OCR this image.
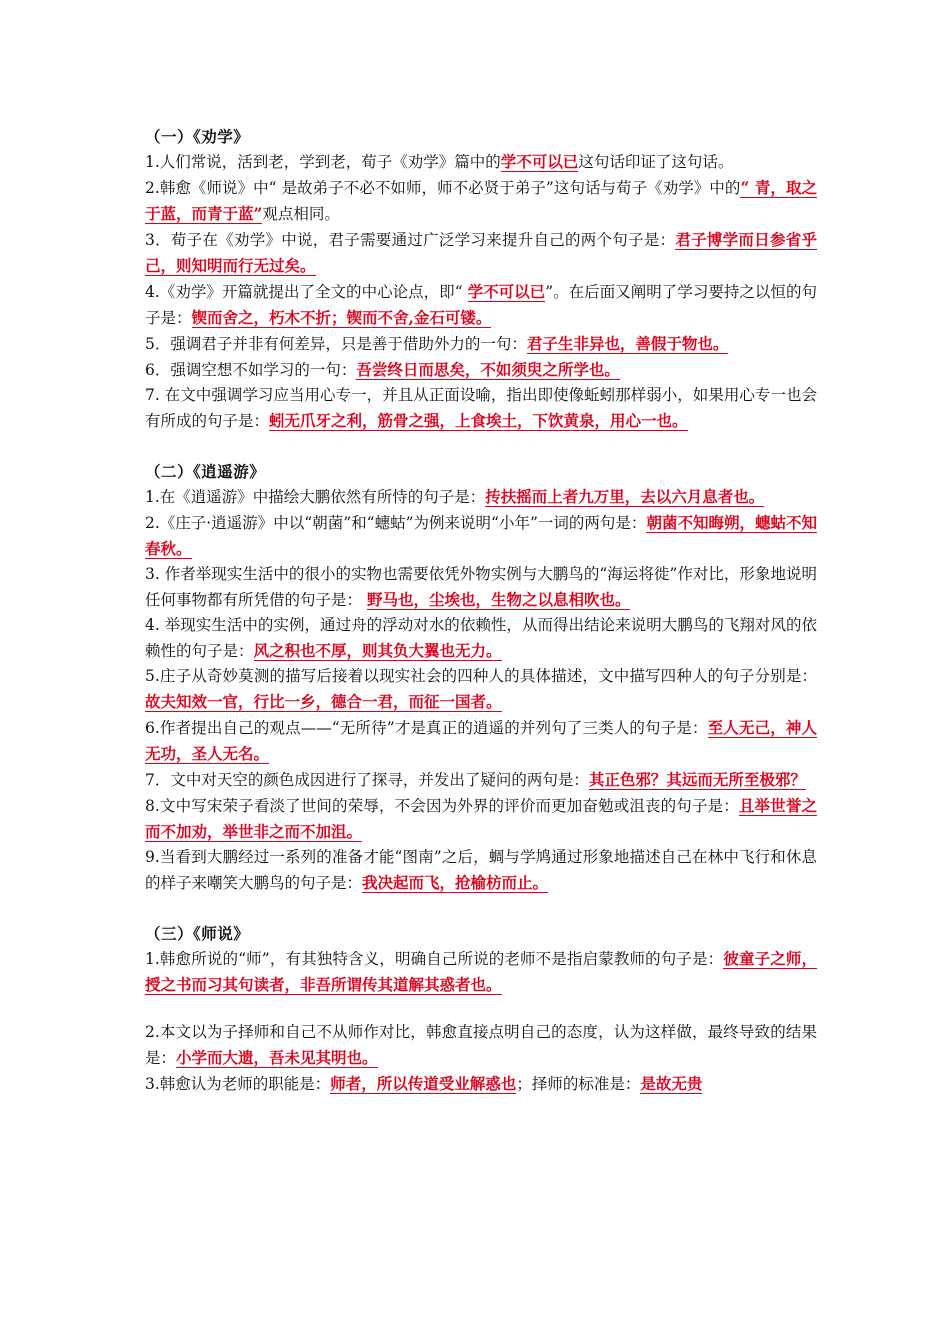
（一）《劝学》

1.人们常说，活到老，学到老，荀子《劝学》篇中的学不可以已这句话印证了这句话。

2.韩愈《师说》中“ 是故弟子不必不如师，师不必贤于弟子”这句话与荀子《劝学》中的“ 青，取之于蓝，而青于蓝”观点相同。

3．荀子在《劝学》中说，君子需要通过广泛学习来提升自己的两个句子是：君子博学而日参省乎己，则知明而行无过矣。

4.《劝学》开篇就提出了全文的中心论点，即“ 学不可以已”。在后面又阐明了学习要持之以恒的句子是：锲而舍之，朽木不折；锲而不舍,金石可镂。

5．强调君子并非有何差异，只是善于借助外力的一句：君子生非异也，善假于物也。

6．强调空想不如学习的一句：吾尝终日而思矣，不如须臾之所学也。

7. 在文中强调学习应当用心专一，并且从正面设喻，指出即使像蚯蚓那样弱小，如果用心专一也会有所成的句子是：蚓无爪牙之利，筋骨之强，上食埃土，下饮黄泉，用心一也。

（二）《逍遥游》

1.在《逍遥游》中描绘大鹏依然有所恃的句子是：抟扶摇而上者九万里，去以六月息者也。

2.《庄子·逍遥游》中以“朝菌”和“蟪蛄”为例来说明“小年”一词的两句是：朝菌不知晦朔，蟪蛄不知春秋。

3. 作者举现实生活中的很小的实物也需要依凭外物实例与大鹏鸟的“海运将徙”作对比，形象地说明任何事物都有所凭借的句子是： 野马也，尘埃也，生物之以息相吹也。

4. 举现实生活中的实例，通过舟的浮动对水的依赖性，从而得出结论来说明大鹏鸟的飞翔对风的依赖性的句子是：风之积也不厚，则其负大翼也无力。

5.庄子从奇妙莫测的描写后接着以现实社会的四种人的具体描述，文中描写四种人的句子分别是： 故夫知效一官，行比一乡，德合一君，而征一国者。

6.作者提出自己的观点——“无所待”才是真正的逍遥的并列句了三类人的句子是：至人无己，神人无功，圣人无名。

7．文中对天空的颜色成因进行了探寻，并发出了疑问的两句是：其正色邪？其远而无所至极邪？

8.文中写宋荣子看淡了世间的荣辱，不会因为外界的评价而更加奋勉或沮丧的句子是：且举世誉之而不加劝，举世非之而不加沮。

9.当看到大鹏经过一系列的准备才能“图南”之后，蜩与学鸠通过形象地描述自己在林中飞行和休息的样子来嘲笑大鹏鸟的句子是：我决起而飞，抢榆枋而止。

（三）《师说》

1.韩愈所说的“师”，有其独特含义，明确自己所说的老师不是指启蒙教师的句子是：彼童子之师，授之书而习其句读者，非吾所谓传其道解其惑者也。

2.本文以为子择师和自己不从师作对比，韩愈直接点明自己的态度，认为这样做，最终导致的结果是：小学而大遗，吾未见其明也。

3.韩愈认为老师的职能是：师者，所以传道受业解惑也；择师的标准是：是故无贵
